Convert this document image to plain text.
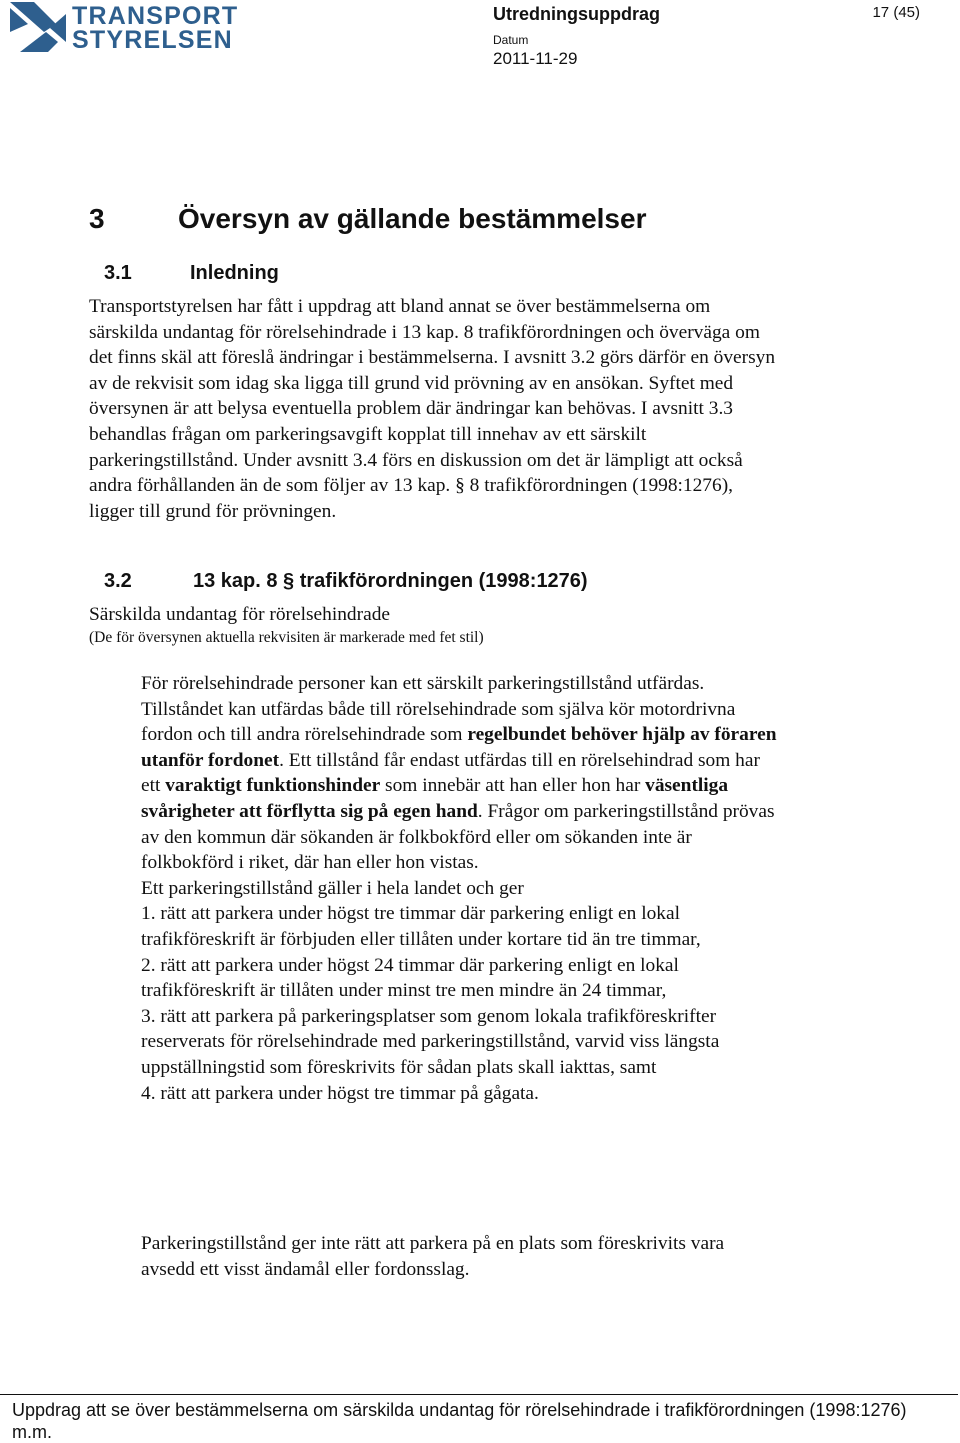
TRANSPORT
STYRELSEN
Utredningsuppdrag	17 (45)
Datum
2011-11-29
3	Översyn av gällande bestämmelser
3.1	Inledning

Transportstyrelsen har fått i uppdrag att bland annat se över bestämmelserna om särskilda undantag för rörelsehindrade i 13 kap. 8 trafikförordningen och överväga om det finns skäl att föreslå ändringar i bestämmelserna. I avsnitt 3.2 görs därför en översyn av de rekvisit som idag ska ligga till grund vid prövning av en ansökan. Syftet med översynen är att belysa eventuella problem där ändringar kan behövas. I avsnitt 3.3 behandlas frågan om parkeringsavgift kopplat till innehav av ett särskilt parkeringstillstånd. Under avsnitt 3.4 förs en diskussion om det är lämpligt att också andra förhållanden än de som följer av 13 kap. § 8 trafikförordningen (1998:1276), ligger till grund för prövningen.

3.2	13 kap. 8 § trafikförordningen (1998:1276)
Särskilda undantag för rörelsehindrade
(De för översynen aktuella rekvisiten är markerade med fet stil)
För rörelsehindrade personer kan ett särskilt parkeringstillstånd utfärdas. Tillståndet kan utfärdas både till rörelsehindrade som själva kör motordrivna fordon och till andra rörelsehindrade som regelbundet behöver hjälp av föraren utanför fordonet. Ett tillstånd får endast utfärdas till en rörelsehindrad som har ett varaktigt funktionshinder som innebär att han eller hon har väsentliga svårigheter att förflytta sig på egen hand. Frågor om parkeringstillstånd prövas av den kommun där sökanden är folkbokförd eller om sökanden inte är folkbokförd i riket, där han eller hon vistas.
Ett parkeringstillstånd gäller i hela landet och ger
1. rätt att parkera under högst tre timmar där parkering enligt en lokal trafikföreskrift är förbjuden eller tillåten under kortare tid än tre timmar,
2. rätt att parkera under högst 24 timmar där parkering enligt en lokal trafikföreskrift är tillåten under minst tre men mindre än 24 timmar,
3. rätt att parkera på parkeringsplatser som genom lokala trafikföreskrifter reserverats för rörelsehindrade med parkeringstillstånd, varvid viss längsta uppställningstid som föreskrivits för sådan plats skall iakttas, samt
4. rätt att parkera under högst tre timmar på gågata.

Parkeringstillstånd ger inte rätt att parkera på en plats som föreskrivits vara avsedd ett visst ändamål eller fordonsslag.

Uppdrag att se över bestämmelserna om särskilda undantag för rörelsehindrade i trafikförordningen (1998:1276) m.m.
